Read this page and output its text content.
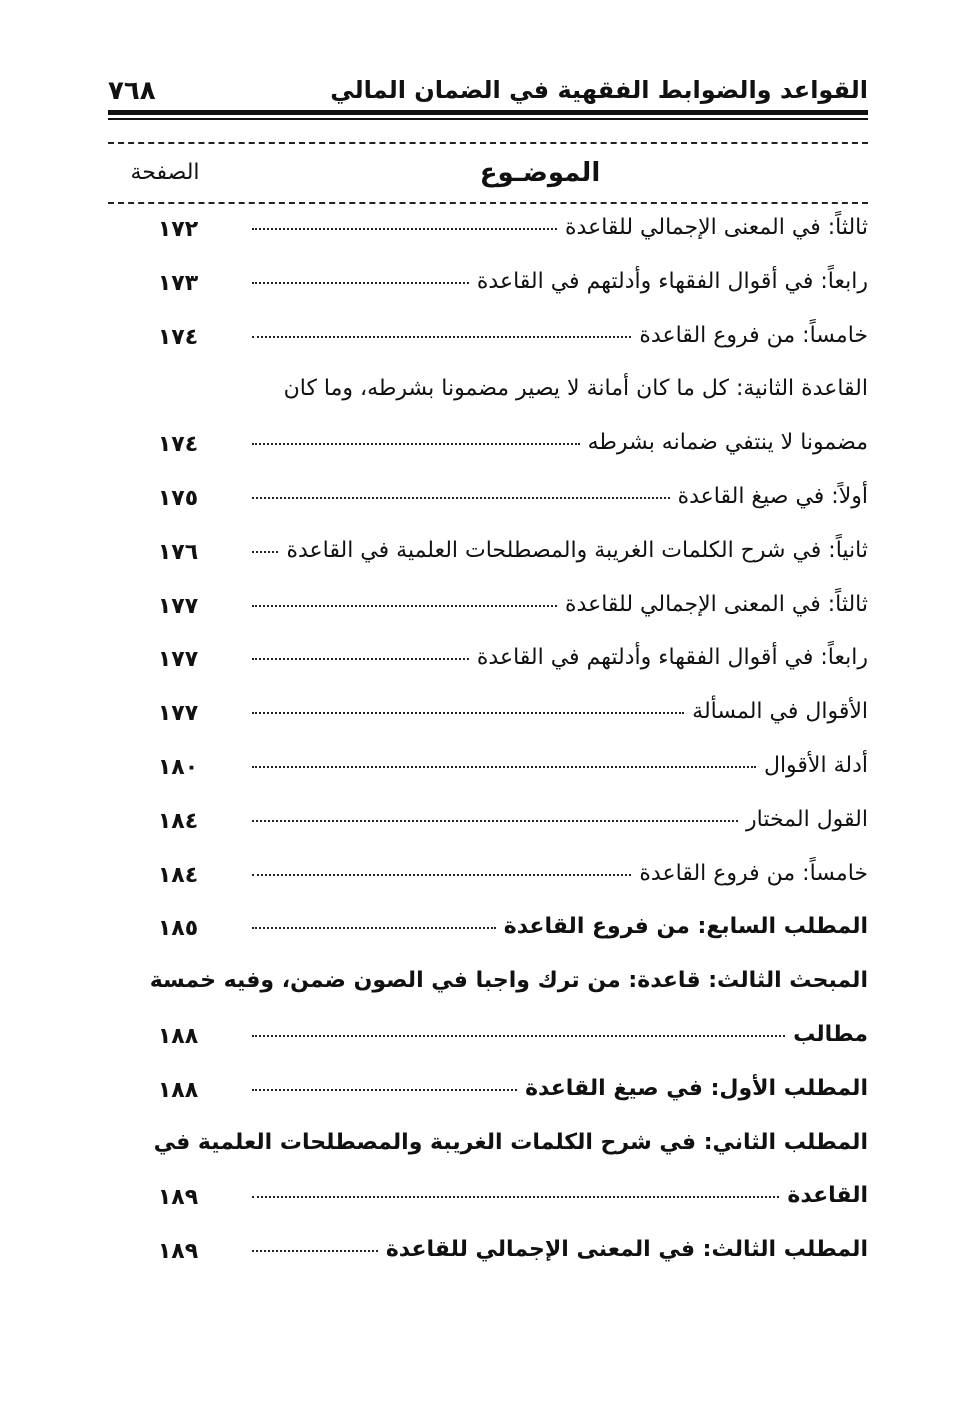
٧٦٨	القواعد والضوابط الفقهية في الضمان المالي
الموضـوع
الصفحة
ثالثاً: في المعنى الإجمالي للقاعدة
١٧٢
رابعاً: في أقوال الفقهاء وأدلتهم في القاعدة
١٧٣
خامساً: من فروع القاعدة
١٧٤
القاعدة الثانية: كل ما كان أمانة لا يصير مضمونا بشرطه، وما كان
مضمونا لا ينتفي ضمانه بشرطه
١٧٤
أولاً: في صيغ القاعدة
١٧٥
ثانياً: في شرح الكلمات الغريبة والمصطلحات العلمية في القاعدة
١٧٦
ثالثاً: في المعنى الإجمالي للقاعدة
١٧٧
رابعاً: في أقوال الفقهاء وأدلتهم في القاعدة
١٧٧
الأقوال في المسألة
١٧٧
أدلة الأقوال
١٨٠
القول المختار
١٨٤
خامساً: من فروع القاعدة
١٨٤
المطلب السابع: من فروع القاعدة
١٨٥
المبحث الثالث: قاعدة: من ترك واجبا في الصون ضمن، وفيه خمسة
مطالب
١٨٨
المطلب الأول: في صيغ القاعدة
١٨٨
المطلب الثاني: في شرح الكلمات الغريبة والمصطلحات العلمية في
القاعدة
١٨٩
المطلب الثالث: في المعنى الإجمالي للقاعدة
١٨٩
